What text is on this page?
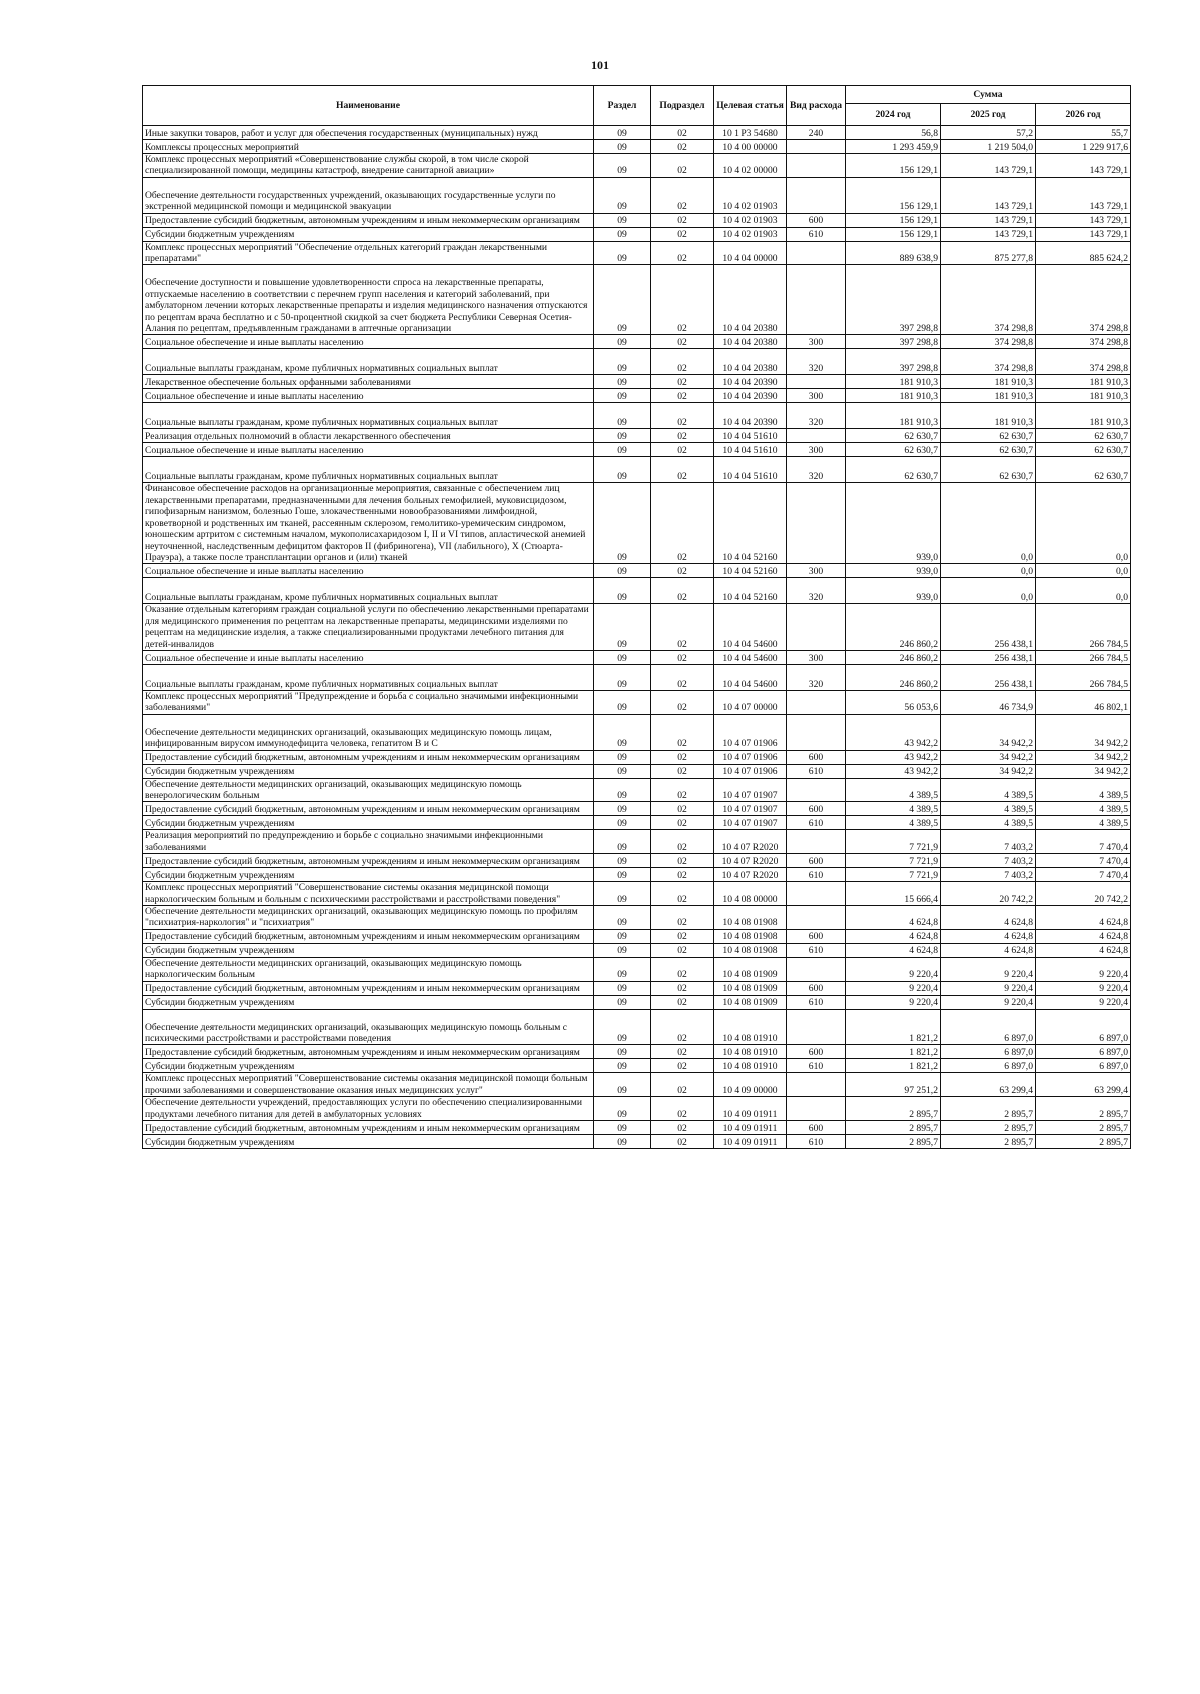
101
Наименование	Раздел	Подраздел	Целевая статья	Вид расхода	Сумма		
					2024 год	2025 год	2026 год
Иные закупки товаров, работ и услуг для обеспечения государственных (муниципальных) нужд	09	02	10 1 Р3 54680	240	56,8	57,2	55,7
Комплексы процессных мероприятий	09	02	10 4 00 00000		1 293 459,9	1 219 504,0	1 229 917,6
Комплекс процессных мероприятий «Совершенствование службы скорой, в том числе скорой специализированной помощи, медицины катастроф, внедрение санитарной авиации»	09	02	10 4 02 00000		156 129,1	143 729,1	143 729,1
Обеспечение деятельности государственных учреждений, оказывающих государственные услуги по экстренной медицинской помощи и медицинской эвакуации	09	02	10 4 02 01903		156 129,1	143 729,1	143 729,1
Предоставление субсидий бюджетным, автономным учреждениям и иным некоммерческим организациям	09	02	10 4 02 01903	600	156 129,1	143 729,1	143 729,1
Субсидии бюджетным учреждениям	09	02	10 4 02 01903	610	156 129,1	143 729,1	143 729,1
Комплекс процессных мероприятий "Обеспечение отдельных категорий граждан лекарственными препаратами"	09	02	10 4 04 00000		889 638,9	875 277,8	885 624,2
Обеспечение доступности и повышение удовлетворенности спроса на лекарственные препараты, отпускаемые населению в соответствии с перечнем групп населения и категорий заболеваний, при амбулаторном лечении которых лекарственные препараты и изделия медицинского назначения отпускаются по рецептам врача бесплатно и с 50-процентной скидкой за счет бюджета Республики Северная Осетия-Алания по рецептам, предъявленным гражданами в аптечные организации	09	02	10 4 04 20380		397 298,8	374 298,8	374 298,8
Социальное обеспечение и иные выплаты населению	09	02	10 4 04 20380	300	397 298,8	374 298,8	374 298,8
Социальные выплаты гражданам, кроме публичных нормативных социальных выплат	09	02	10 4 04 20380	320	397 298,8	374 298,8	374 298,8
Лекарственное обеспечение больных орфанными заболеваниями	09	02	10 4 04 20390		181 910,3	181 910,3	181 910,3
Социальное обеспечение и иные выплаты населению	09	02	10 4 04 20390	300	181 910,3	181 910,3	181 910,3
Социальные выплаты гражданам, кроме публичных нормативных социальных выплат	09	02	10 4 04 20390	320	181 910,3	181 910,3	181 910,3
Реализация отдельных полномочий в области лекарственного обеспечения	09	02	10 4 04 51610		62 630,7	62 630,7	62 630,7
Социальное обеспечение и иные выплаты населению	09	02	10 4 04 51610	300	62 630,7	62 630,7	62 630,7
Социальные выплаты гражданам, кроме публичных нормативных социальных выплат	09	02	10 4 04 51610	320	62 630,7	62 630,7	62 630,7
Финансовое обеспечение расходов на организационные мероприятия, связанные с обеспечением лиц лекарственными препаратами, предназначенными для лечения больных гемофилией, муковисцидозом, гипофизарным нанизмом, болезнью Гоше, злокачественными новообразованиями лимфоидной, кроветворной и родственных им тканей, рассеянным склерозом, гемолитико-уремическим синдромом, юношеским артритом с системным началом, мукополисахаридозом I, II и VI типов, апластической анемией неуточненной, наследственным дефицитом факторов II (фибриногена), VII (лабильного), X (Стюарта-Прауэра), а также после трансплантации органов и (или) тканей	09	02	10 4 04 52160		939,0	0,0	0,0
Социальное обеспечение и иные выплаты населению	09	02	10 4 04 52160	300	939,0	0,0	0,0
Социальные выплаты гражданам, кроме публичных нормативных социальных выплат	09	02	10 4 04 52160	320	939,0	0,0	0,0
Оказание отдельным категориям граждан социальной услуги по обеспечению лекарственными препаратами для медицинского применения по рецептам на лекарственные препараты, медицинскими изделиями по рецептам на медицинские изделия, а также специализированными продуктами лечебного питания для детей-инвалидов	09	02	10 4 04 54600		246 860,2	256 438,1	266 784,5
Социальное обеспечение и иные выплаты населению	09	02	10 4 04 54600	300	246 860,2	256 438,1	266 784,5
Социальные выплаты гражданам, кроме публичных нормативных социальных выплат	09	02	10 4 04 54600	320	246 860,2	256 438,1	266 784,5
Комплекс процессных мероприятий "Предупреждение и борьба с социально значимыми инфекционными заболеваниями"	09	02	10 4 07 00000		56 053,6	46 734,9	46 802,1
Обеспечение деятельности медицинских организаций, оказывающих медицинскую помощь лицам, инфицированным вирусом иммунодефицита человека, гепатитом В и С	09	02	10 4 07 01906		43 942,2	34 942,2	34 942,2
Предоставление субсидий бюджетным, автономным учреждениям и иным некоммерческим организациям	09	02	10 4 07 01906	600	43 942,2	34 942,2	34 942,2
Субсидии бюджетным учреждениям	09	02	10 4 07 01906	610	43 942,2	34 942,2	34 942,2
Обеспечение деятельности медицинских организаций, оказывающих медицинскую помощь венерологическим больным	09	02	10 4 07 01907		4 389,5	4 389,5	4 389,5
Предоставление субсидий бюджетным, автономным учреждениям и иным некоммерческим организациям	09	02	10 4 07 01907	600	4 389,5	4 389,5	4 389,5
Субсидии бюджетным учреждениям	09	02	10 4 07 01907	610	4 389,5	4 389,5	4 389,5
Реализация мероприятий по предупреждению и борьбе с социально значимыми инфекционными заболеваниями	09	02	10 4 07 R2020		7 721,9	7 403,2	7 470,4
Предоставление субсидий бюджетным, автономным учреждениям и иным некоммерческим организациям	09	02	10 4 07 R2020	600	7 721,9	7 403,2	7 470,4
Субсидии бюджетным учреждениям	09	02	10 4 07 R2020	610	7 721,9	7 403,2	7 470,4
Комплекс процессных мероприятий "Совершенствование системы оказания медицинской помощи наркологическим больным и больным с психическими расстройствами и расстройствами поведения"	09	02	10 4 08 00000		15 666,4	20 742,2	20 742,2
Обеспечение деятельности медицинских организаций, оказывающих медицинскую помощь по профилям "психиатрия-наркология" и "психиатрия"	09	02	10 4 08 01908		4 624,8	4 624,8	4 624,8
Предоставление субсидий бюджетным, автономным учреждениям и иным некоммерческим организациям	09	02	10 4 08 01908	600	4 624,8	4 624,8	4 624,8
Субсидии бюджетным учреждениям	09	02	10 4 08 01908	610	4 624,8	4 624,8	4 624,8
Обеспечение деятельности медицинских организаций, оказывающих медицинскую помощь наркологическим больным	09	02	10 4 08 01909		9 220,4	9 220,4	9 220,4
Предоставление субсидий бюджетным, автономным учреждениям и иным некоммерческим организациям	09	02	10 4 08 01909	600	9 220,4	9 220,4	9 220,4
Субсидии бюджетным учреждениям	09	02	10 4 08 01909	610	9 220,4	9 220,4	9 220,4
Обеспечение деятельности медицинских организаций, оказывающих медицинскую помощь больным с психическими расстройствами и расстройствами поведения	09	02	10 4 08 01910		1 821,2	6 897,0	6 897,0
Предоставление субсидий бюджетным, автономным учреждениям и иным некоммерческим организациям	09	02	10 4 08 01910	600	1 821,2	6 897,0	6 897,0
Субсидии бюджетным учреждениям	09	02	10 4 08 01910	610	1 821,2	6 897,0	6 897,0
Комплекс процессных мероприятий "Совершенствование системы оказания медицинской помощи больным прочими заболеваниями и совершенствование оказания иных медицинских услуг"	09	02	10 4 09 00000		97 251,2	63 299,4	63 299,4
Обеспечение деятельности учреждений, предоставляющих услуги по обеспечению специализированными продуктами лечебного питания для детей в амбулаторных условиях	09	02	10 4 09 01911		2 895,7	2 895,7	2 895,7
Предоставление субсидий бюджетным, автономным учреждениям и иным некоммерческим организациям	09	02	10 4 09 01911	600	2 895,7	2 895,7	2 895,7
Субсидии бюджетным учреждениям	09	02	10 4 09 01911	610	2 895,7	2 895,7	2 895,7
